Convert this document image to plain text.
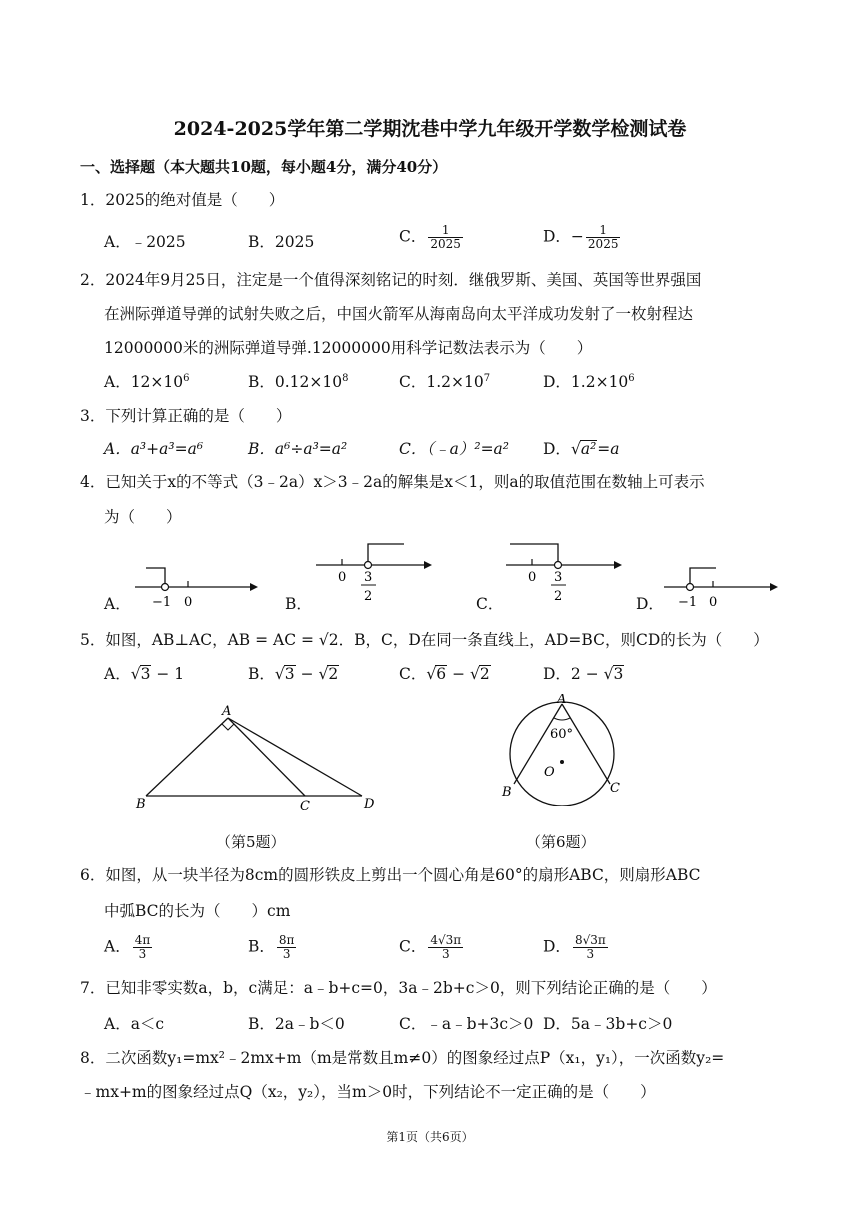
2024-2025学年第二学期沈巷中学九年级开学数学检测试卷
一、选择题（本大题共10题，每小题4分，满分40分）
1．2025的绝对值是（　　）
A．﹣2025	B．2025	C． $\frac{1}{2025}$	D．− $\frac{1}{2025}$
2．2024年9月25日，注定是一个值得深刻铭记的时刻．继俄罗斯、美国、英国等世界强国
在洲际弹道导弹的试射失败之后，中国火箭军从海南岛向太平洋成功发射了一枚射程达
12000000米的洲际弹道导弹.12000000用科学记数法表示为（　　）
A．$12\times 10^6$	B．$0.12\times 10^8$	C．$1.2\times 10^7$	D．$1.2\times 10^6$
3．下列计算正确的是（　　）
A．a³+a³=a⁶	B．a⁶÷a³=a²	C．（﹣a）²=a² D．√a²=a
4．已知关于x的不等式（3﹣2a）x＞3﹣2a的解集是x＜1，则a的取值范围在数轴上可表示
为（　　）
A． −1 0	B．
0 3
2	C．
0 3
2	D． −1 0
5．如图，AB⊥AC，AB = AC = √2．B，C，D在同一条直线上，AD=BC，则CD的长为（　　）
A．√3 − 1	B．√3 − √2	C．√6 − √2	D．2 − √3
A
B	C	D
（第5题）
A
60°
O
B	C
（第6题）
6．如图，从一块半径为8cm的圆形铁皮上剪出一个圆心角是60°的扇形ABC，则扇形ABC
中弧BC的长为（　　）cm
A． $\frac{4\pi}{3}$	B． $\frac{8\pi}{3}$	C． $\frac{4√3\pi}{3}$	D． $\frac{8√3\pi}{3}$
7．已知非零实数a，b，c满足：a﹣b+c=0，3a﹣2b+c＞0，则下列结论正确的是（　　）
A．a＜c	B．2a﹣b＜0	C．﹣a﹣b+3c＞0 D．5a﹣3b+c＞0
8．二次函数y₁=mx²﹣2mx+m（m是常数且m≠0）的图象经过点P（x₁，y₁），一次函数y₂=
﹣mx+m的图象经过点Q（x₂，y₂），当m＞0时，下列结论不一定正确的是（　　）
第1页（共6页）
